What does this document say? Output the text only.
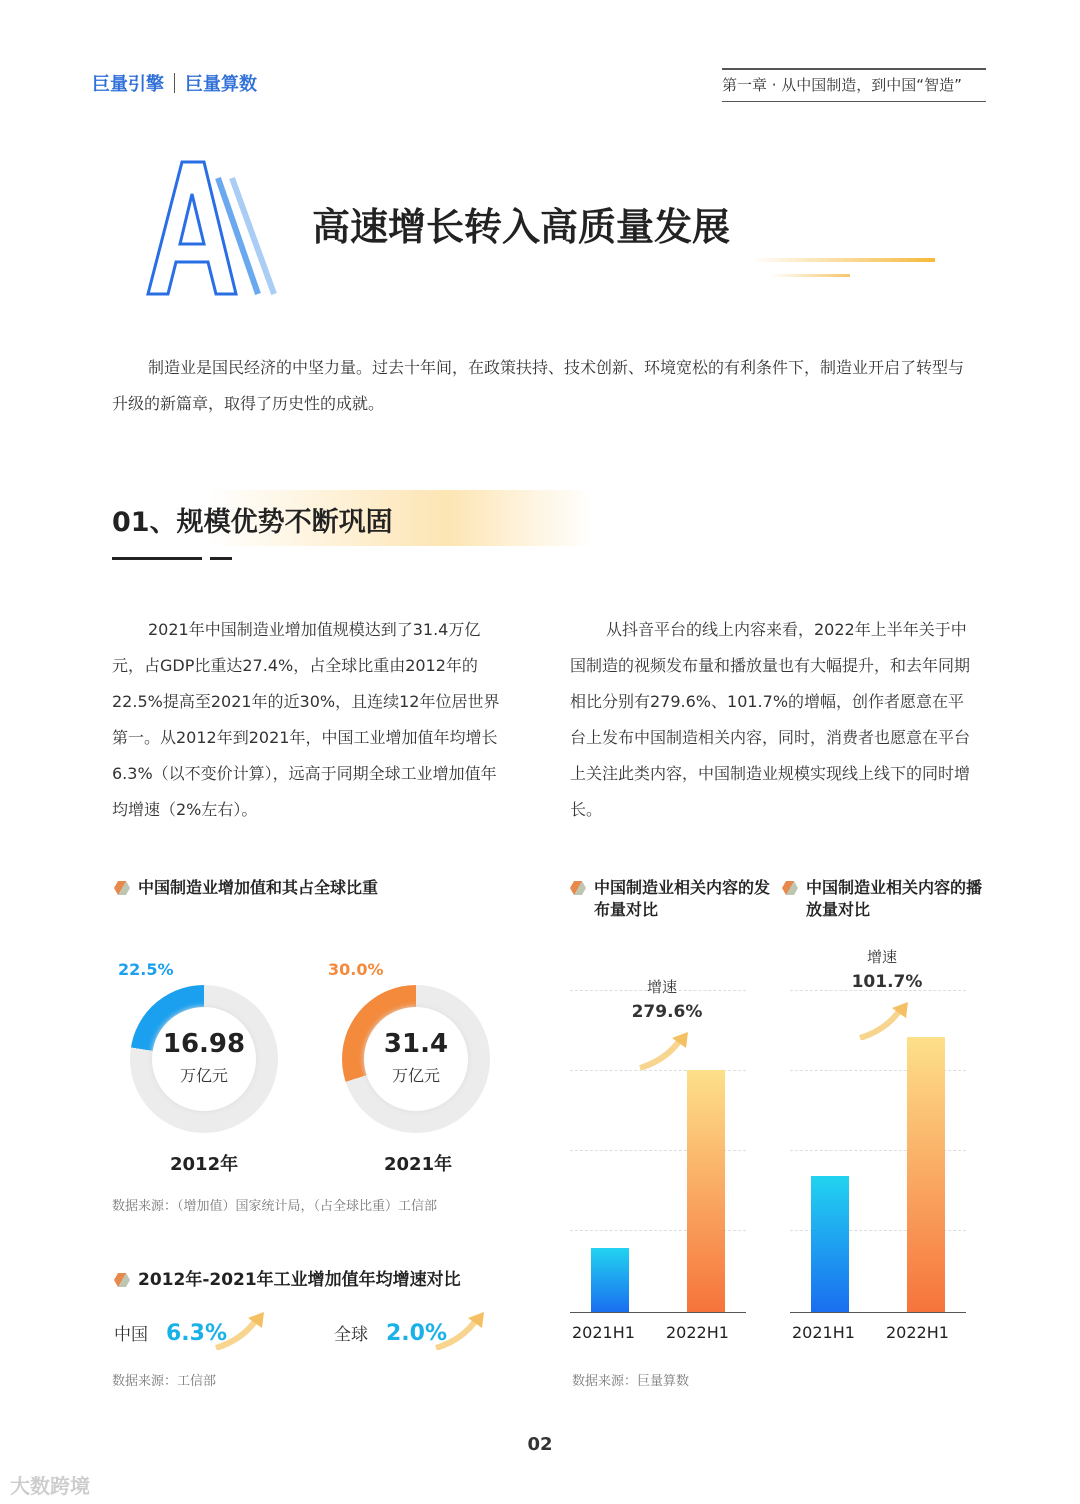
巨量引擎 巨量算数	第一章 · 从中国制造，到中国“智造”
高速增长转入高质量发展

制造业是国民经济的中坚力量。过去十年间，在政策扶持、技术创新、环境宽松的有利条件下，制造业开启了转型与升级的新篇章，取得了历史性的成就。

01、规模优势不断巩固

2021年中国制造业增加值规模达到了31.4万亿元，占GDP比重达27.4%，占全球比重由2012年的22.5%提高至2021年的近30%，且连续12年位居世界第一。从2012年到2021年，中国工业增加值年均增长6.3%（以不变价计算），远高于同期全球工业增加值年均增速（2%左右）。

从抖音平台的线上内容来看，2022年上半年关于中国制造的视频发布量和播放量也有大幅提升，和去年同期相比分别有279.6%、101.7%的增幅，创作者愿意在平台上发布中国制造相关内容，同时，消费者也愿意在平台上关注此类内容，中国制造业规模实现线上线下的同时增长。

中国制造业增加值和其占全球比重
22.5%
16.98
万亿元
2012年
30.0%
31.4
万亿元
2021年
数据来源：（增加值）国家统计局，（占全球比重）工信部
2012年-2021年工业增加值年均增速对比
中国 6.3%	全球 2.0%
数据来源：工信部
中国制造业相关内容的发布量对比
中国制造业相关内容的播放量对比
2021H1 2022H1
增速
279.6%
2021H1 2022H1
增速
101.7%
数据来源：巨量算数
02
大数跨境
